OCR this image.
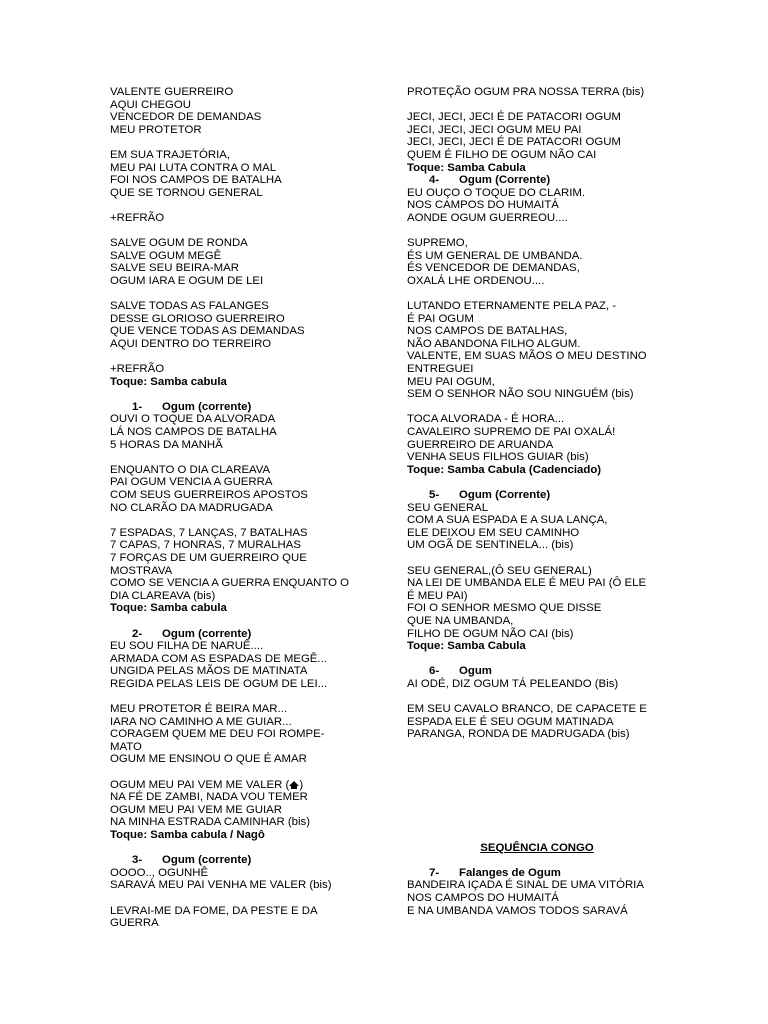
VALENTE GUERREIRO
AQUI CHEGOU
VENCEDOR DE DEMANDAS
MEU PROTETOR
EM SUA TRAJETÓRIA,
MEU PAI LUTA CONTRA O MAL
FOI NOS CAMPOS DE BATALHA
QUE SE TORNOU GENERAL
+REFRÃO
SALVE OGUM DE RONDA
SALVE OGUM MEGÊ
SALVE SEU BEIRA-MAR
OGUM IARA E OGUM DE LEI
SALVE TODAS AS FALANGES
DESSE GLORIOSO GUERREIRO
QUE VENCE TODAS AS DEMANDAS
AQUI DENTRO DO TERREIRO
+REFRÃO
Toque: Samba cabula
1- Ogum (corrente)
OUVI O TOQUE DA ALVORADA
LÁ NOS CAMPOS DE BATALHA
5 HORAS DA MANHÃ
ENQUANTO O DIA CLAREAVA
PAI OGUM VENCIA A GUERRA
COM SEUS GUERREIROS APOSTOS
NO CLARÃO DA MADRUGADA
7 ESPADAS, 7 LANÇAS, 7 BATALHAS
7 CAPAS, 7 HONRAS, 7 MURALHAS
7 FORÇAS DE UM GUERREIRO QUE
MOSTRAVA
COMO SE VENCIA A GUERRA ENQUANTO O
DIA CLAREAVA (bis)
Toque: Samba cabula
2- Ogum (corrente)
EU SOU FILHA DE NARUÊ....
ARMADA COM AS ESPADAS DE MEGÊ...
UNGIDA PELAS MÃOS DE MATINATA
REGIDA PELAS LEIS DE OGUM DE LEI...
MEU PROTETOR É BEIRA MAR...
IARA NO CAMINHO A ME GUIAR...
CORAGEM QUEM ME DEU FOI ROMPE-
MATO
OGUM ME ENSINOU O QUE É AMAR
OGUM MEU PAI VEM ME VALER ( )
NA FÉ DE ZAMBI, NADA VOU TEMER
OGUM MEU PAI VEM ME GUIAR
NA MINHA ESTRADA CAMINHAR (bis)
Toque: Samba cabula / Nagô
3- Ogum (corrente)
OOOO.., OGUNHÊ
SARAVÁ MEU PAI VENHA ME VALER (bis)
LEVRAI-ME DA FOME, DA PESTE E DA
GUERRA
PROTEÇÃO OGUM PRA NOSSA TERRA (bis)
JECI, JECI, JECI É DE PATACORI OGUM
JECI, JECI, JECI OGUM MEU PAI
JECI, JECI, JECI É DE PATACORI OGUM
QUEM É FILHO DE OGUM NÃO CAI
Toque: Samba Cabula
4- Ogum (Corrente)
EU OUÇO O TOQUE DO CLARIM.
NOS CAMPOS DO HUMAITÁ
AONDE OGUM GUERREOU....
SUPREMO,
ÉS UM GENERAL DE UMBANDA.
ÉS VENCEDOR DE DEMANDAS,
OXALÁ LHE ORDENOU....
LUTANDO ETERNAMENTE PELA PAZ, -
É PAI OGUM
NOS CAMPOS DE BATALHAS,
NÃO ABANDONA FILHO ALGUM.
VALENTE, EM SUAS MÃOS O MEU DESTINO
ENTREGUEI
MEU PAI OGUM,
SEM O SENHOR NÃO SOU NINGUÉM (bis)
TOCA ALVORADA - É HORA...
CAVALEIRO SUPREMO DE PAI OXALÁ!
GUERREIRO DE ARUANDA
VENHA SEUS FILHOS GUIAR (bis)
Toque: Samba Cabula (Cadenciado)
5- Ogum (Corrente)
SEU GENERAL
COM A SUA ESPADA E A SUA LANÇA,
ELE DEIXOU EM SEU CAMINHO
UM OGÃ DE SENTINELA... (bis)
SEU GENERAL,(Ô SEU GENERAL)
NA LEI DE UMBANDA ELE É MEU PAI (Ô ELE
É MEU PAI)
FOI O SENHOR MESMO QUE DISSE
QUE NA UMBANDA,
FILHO DE OGUM NÃO CAI (bis)
Toque: Samba Cabula
6- Ogum
AI ODÉ, DIZ OGUM TÁ PELEANDO (Bis)
EM SEU CAVALO BRANCO, DE CAPACETE E
ESPADA ELE É SEU OGUM MATINADA
PARANGA, RONDA DE MADRUGADA (bis)
SEQUÊNCIA CONGO
7- Falanges de Ogum
BANDEIRA IÇADA É SINAL DE UMA VITÓRIA
NOS CAMPOS DO HUMAITÁ
E NA UMBANDA VAMOS TODOS SARAVÁ
